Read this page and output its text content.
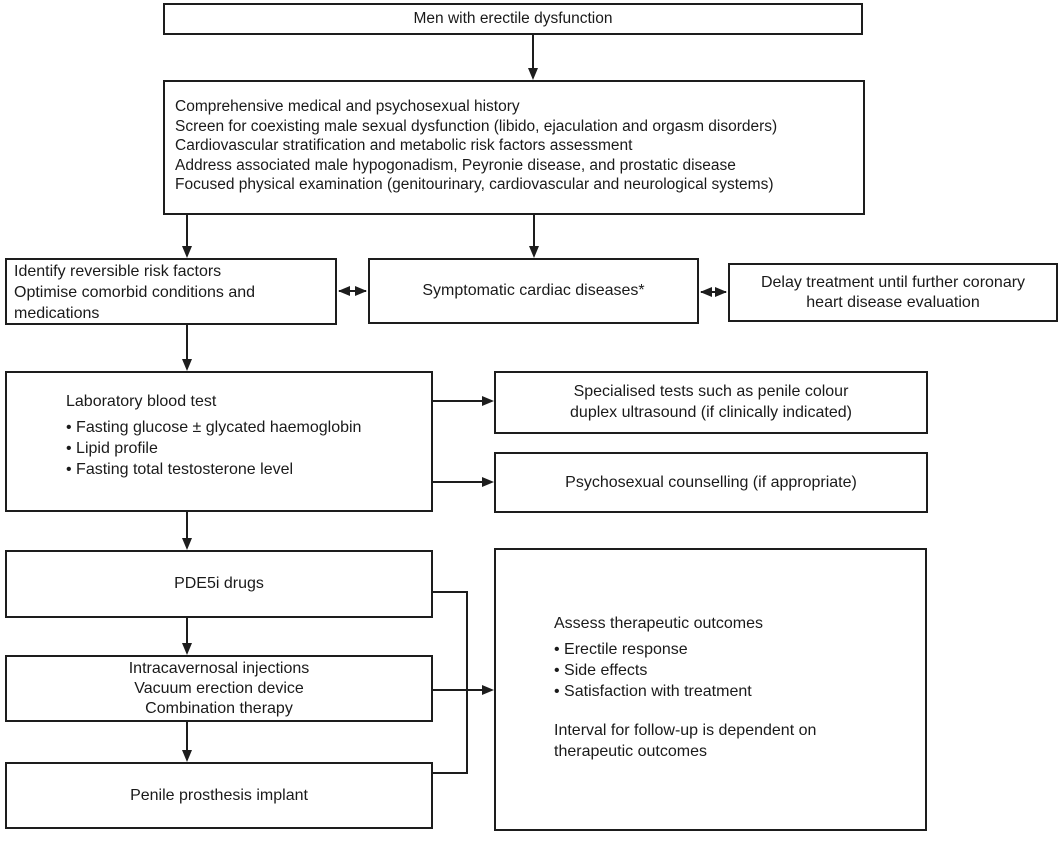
Men with erectile dysfunction
Comprehensive medical and psychosexual history
Screen for coexisting male sexual dysfunction (libido, ejaculation and orgasm disorders)
Cardiovascular stratification and metabolic risk factors assessment
Address associated male hypogonadism, Peyronie disease, and prostatic disease
Focused physical examination (genitourinary, cardiovascular and neurological systems)
Identify reversible risk factors
Optimise comorbid conditions and
medications
Symptomatic cardiac diseases*	Delay treatment until further coronary
heart disease evaluation
Laboratory blood test
• Fasting glucose ± glycated haemoglobin
• Lipid profile
• Fasting total testosterone level
Specialised tests such as penile colour
duplex ultrasound (if clinically indicated)
Psychosexual counselling (if appropriate)
PDE5i drugs
Intracavernosal injections
Vacuum erection device
Combination therapy
Penile prosthesis implant
Assess therapeutic outcomes
• Erectile response
• Side effects
• Satisfaction with treatment
Interval for follow-up is dependent on
therapeutic outcomes
